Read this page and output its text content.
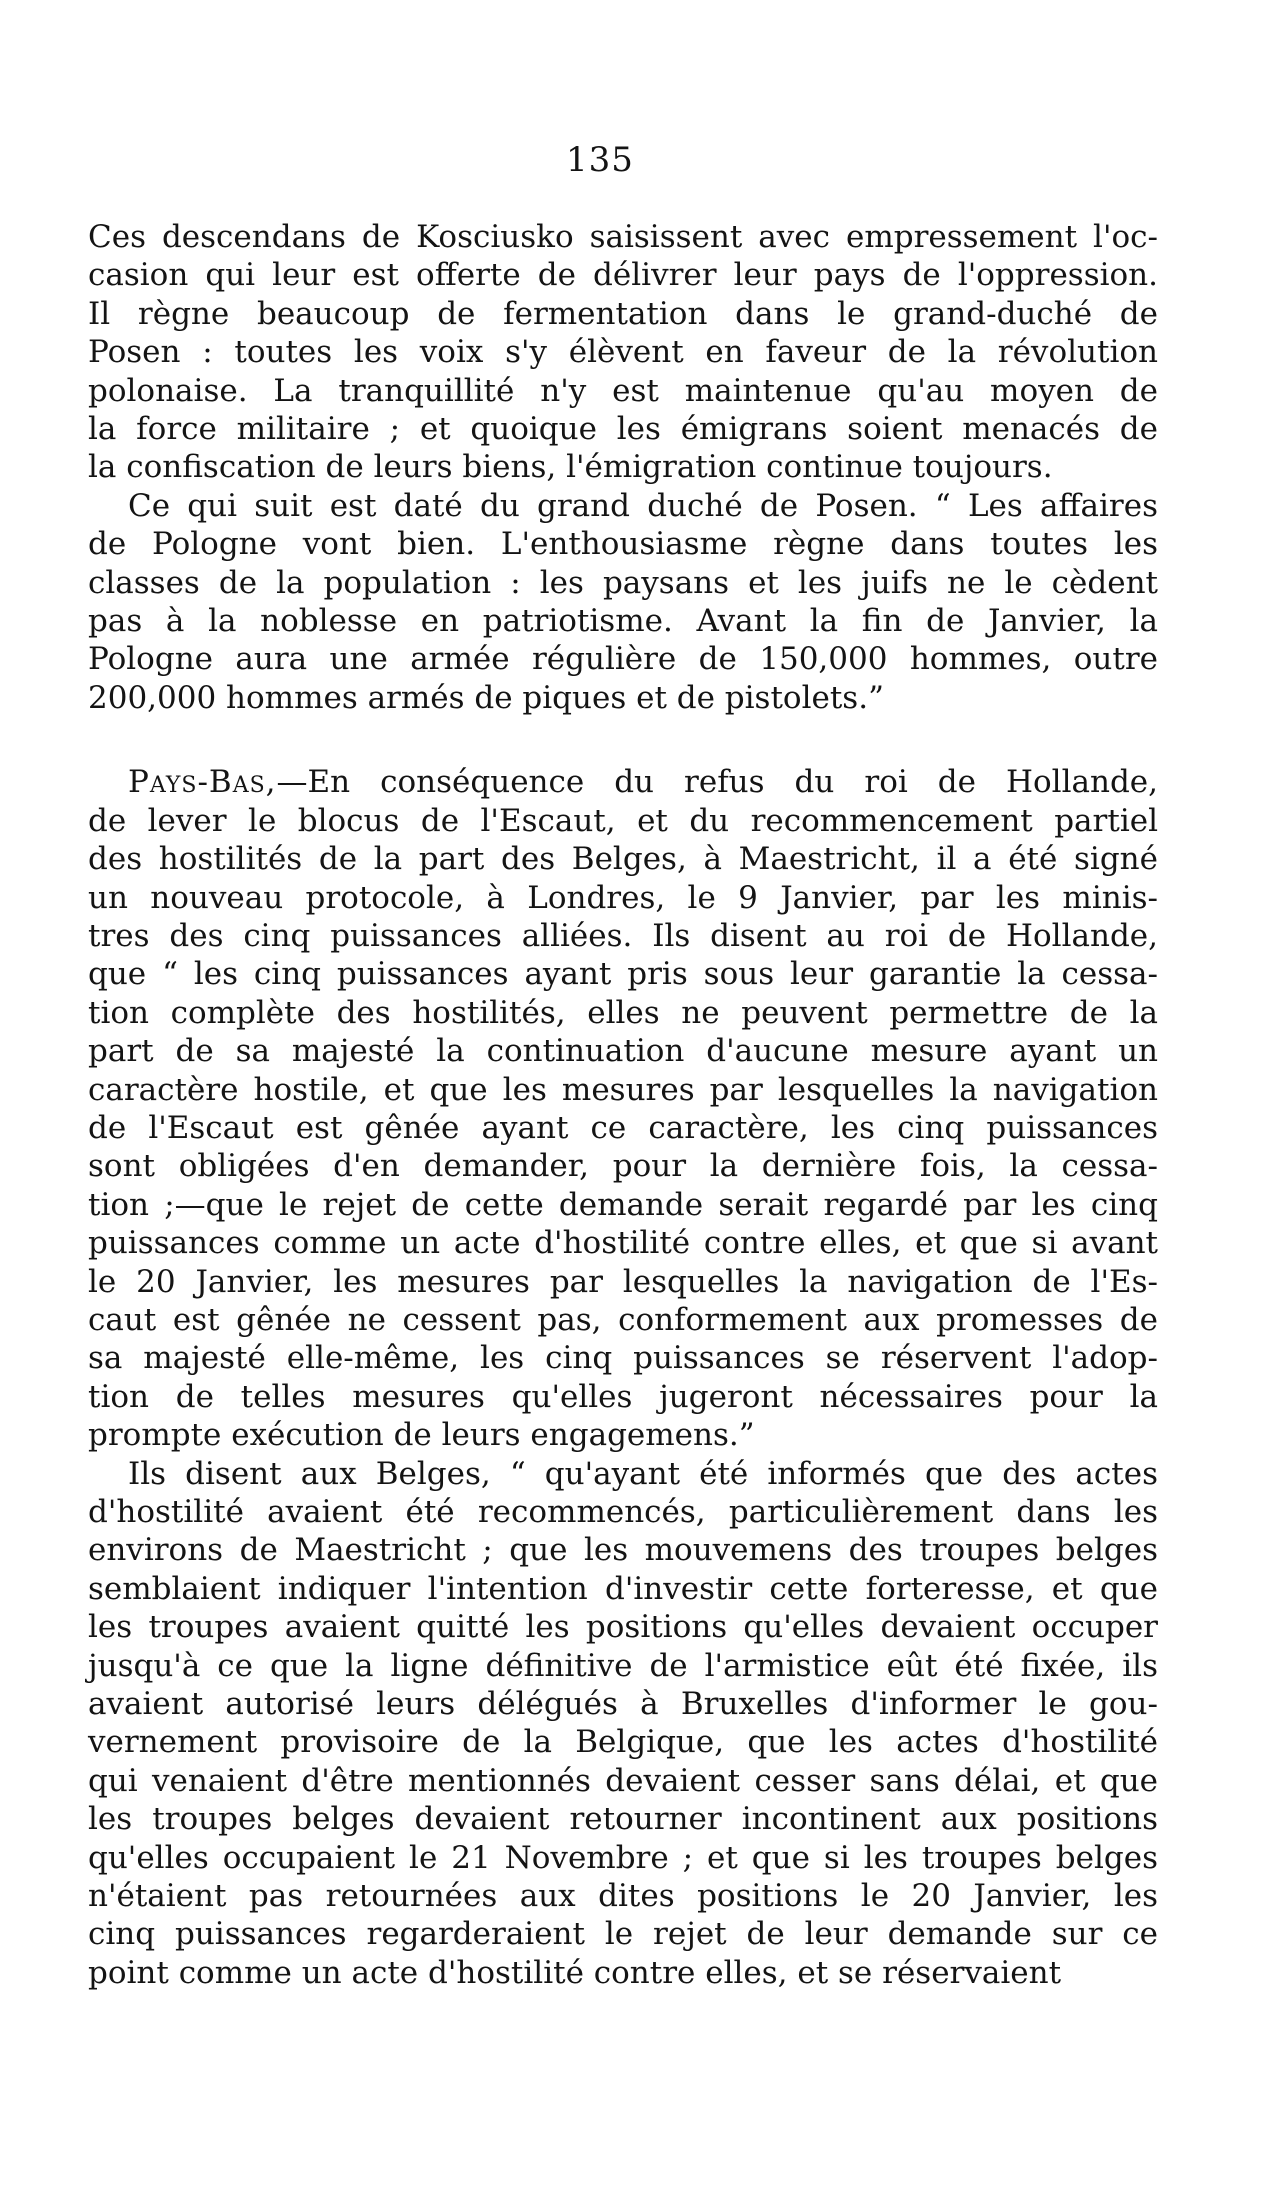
135

Ces descendans de Kosciusko saisissent avec empressement l'oc-
casion qui leur est offerte de délivrer leur pays de l'oppression.
Il règne beaucoup de fermentation dans le grand-duché de
Posen : toutes les voix s'y élèvent en faveur de la révolution
polonaise. La tranquillité n'y est maintenue qu'au moyen de
la force militaire ; et quoique les émigrans soient menacés de
la confiscation de leurs biens, l'émigration continue toujours.

Ce qui suit est daté du grand duché de Posen. “ Les affaires
de Pologne vont bien. L'enthousiasme règne dans toutes les
classes de la population : les paysans et les juifs ne le cèdent
pas à la noblesse en patriotisme. Avant la fin de Janvier, la
Pologne aura une armée régulière de 150,000 hommes, outre
200,000 hommes armés de piques et de pistolets.”

Pays-Bas,—En conséquence du refus du roi de Hollande,
de lever le blocus de l'Escaut, et du recommencement partiel
des hostilités de la part des Belges, à Maestricht, il a été signé
un nouveau protocole, à Londres, le 9 Janvier, par les minis-
tres des cinq puissances alliées. Ils disent au roi de Hollande,
que “ les cinq puissances ayant pris sous leur garantie la cessa-
tion complète des hostilités, elles ne peuvent permettre de la
part de sa majesté la continuation d'aucune mesure ayant un
caractère hostile, et que les mesures par lesquelles la navigation
de l'Escaut est gênée ayant ce caractère, les cinq puissances
sont obligées d'en demander, pour la dernière fois, la cessa-
tion ;—que le rejet de cette demande serait regardé par les cinq
puissances comme un acte d'hostilité contre elles, et que si avant
le 20 Janvier, les mesures par lesquelles la navigation de l'Es-
caut est gênée ne cessent pas, conformement aux promesses de
sa majesté elle-même, les cinq puissances se réservent l'adop-
tion de telles mesures qu'elles jugeront nécessaires pour la
prompte exécution de leurs engagemens.”

Ils disent aux Belges, “ qu'ayant été informés que des actes
d'hostilité avaient été recommencés, particulièrement dans les
environs de Maestricht ; que les mouvemens des troupes belges
semblaient indiquer l'intention d'investir cette forteresse, et que
les troupes avaient quitté les positions qu'elles devaient occuper
jusqu'à ce que la ligne définitive de l'armistice eût été fixée, ils
avaient autorisé leurs délégués à Bruxelles d'informer le gou-
vernement provisoire de la Belgique, que les actes d'hostilité
qui venaient d'être mentionnés devaient cesser sans délai, et que
les troupes belges devaient retourner incontinent aux positions
qu'elles occupaient le 21 Novembre ; et que si les troupes belges
n'étaient pas retournées aux dites positions le 20 Janvier, les
cinq puissances regarderaient le rejet de leur demande sur ce
point comme un acte d'hostilité contre elles, et se réservaient
